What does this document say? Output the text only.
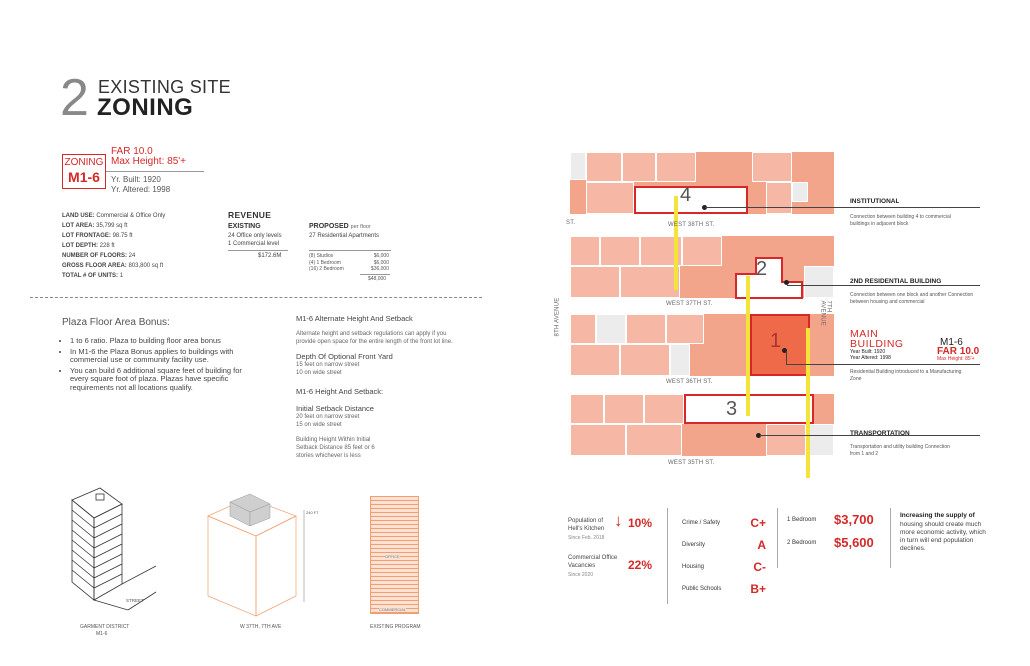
2 EXISTING SITE
ZONING
ZONING
M1-6
FAR 10.0
Max Height: 85'+
Yr. Built: 1920
Yr. Altered: 1998
LAND USE: Commercial & Office Only
LOT AREA: 35,799 sq ft
LOT FRONTAGE: 98.75 ft
LOT DEPTH: 228 ft
NUMBER OF FLOORS: 24
GROSS FLOOR AREA: 803,800 sq ft
TOTAL # OF UNITS: 1
REVENUE
EXISTING
24 Office only levels
1 Commercial level
$172.6M
PROPOSED per floor
27 Residential Apartments
(8) Studios	$6,000
(4) 1 Bedroom	$6,000
(16) 2 Bedroom	$36,000
$48,000
Plaza Floor Area Bonus:
• 1 to 6 ratio. Plaza to building floor area bonus
• In M1-6 the Plaza Bonus applies to buildings with commercial use or community facility use.
• You can build 6 additional square feet of building for every square foot of plaza. Plazas have specific requirements not all locations qualify.
M1-6 Alternate Height And Setback
Alternate height and setback regulations can apply if you provide open space for the entire length of the front lot line.
Depth Of Optional Front Yard
15 feet on narrow street
10 on wide street
M1-6 Height And Setback:
Initial Setback Distance
20 feet on narrow street
15 on wide street
Building Height Within Initial Setback Distance 85 feet or 6 stories whichever is less
STREET
GARMENT DISTRICT
M1-6
240 FT
W 37TH, 7TH AVE
OFFICE
COMMERCIAL
EXISTING PROGRAM
4
2
1
3
ST.	WEST 38TH ST.
WEST 37TH ST.
WEST 36TH ST.
WEST 35TH ST.
8TH AVENUE	7TH AVENUE
INSTITUTIONAL
Connection between building 4 to commercial buildings in adjacent block
2ND RESIDENTIAL BUILDING
Connection between one block and another Connection between housing and commercial
MAIN
BUILDING
Year Built: 1920
Year Altered: 1998
M1-6
FAR 10.0
Max Height: 85'+
Residential Building introduced to a Manufacturing Zone
TRANSPORTATION
Transportation and utility building Connection from 1 and 2
Population of Hell's Kitchen
Since Feb. 2018
↓ 10%
Commercial Office Vacancies
Since 2020
22%
Crime / Safety	C+
Diversity	A
Housing	C-
Public Schools B+
1 Bedroom $3,700
2 Bedroom $5,600
Increasing the supply of
housing should create much more economic activity, which in turn will end population declines.
